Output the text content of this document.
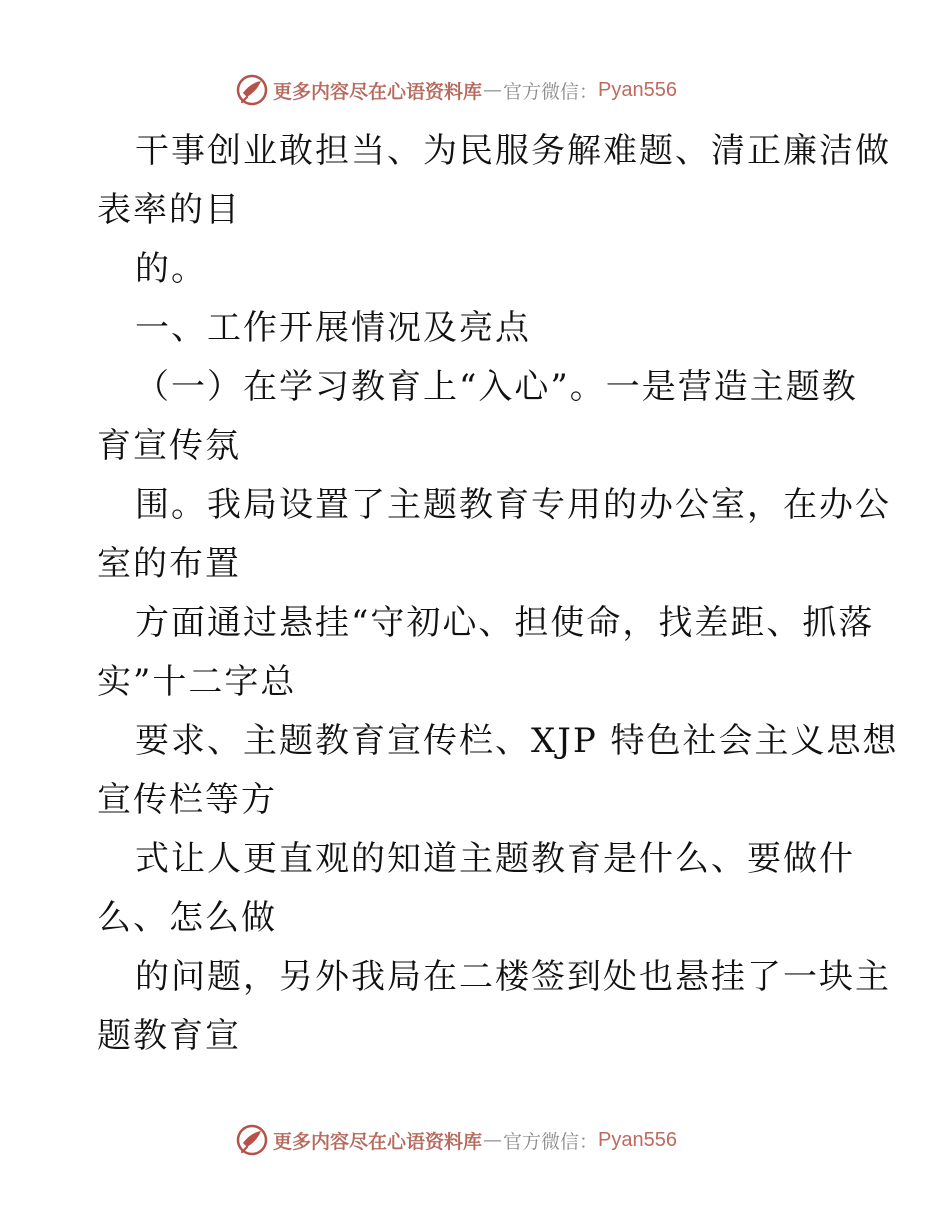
更多内容尽在心语资料库 — 官方微信： Pyan556
干事创业敢担当、为民服务解难题、清正廉洁做
表率的目
的。
一、工作开展情况及亮点
（一）在学习教育上“入心”。一是营造主题教
育宣传氛
围。我局设置了主题教育专用的办公室，在办公
室的布置
方面通过悬挂“守初心、担使命，找差距、抓落
实”十二字总
要求、主题教育宣传栏、XJP 特色社会主义思想
宣传栏等方
式让人更直观的知道主题教育是什么、要做什
么、怎么做
的问题，另外我局在二楼签到处也悬挂了一块主
题教育宣
更多内容尽在心语资料库 — 官方微信： Pyan556
